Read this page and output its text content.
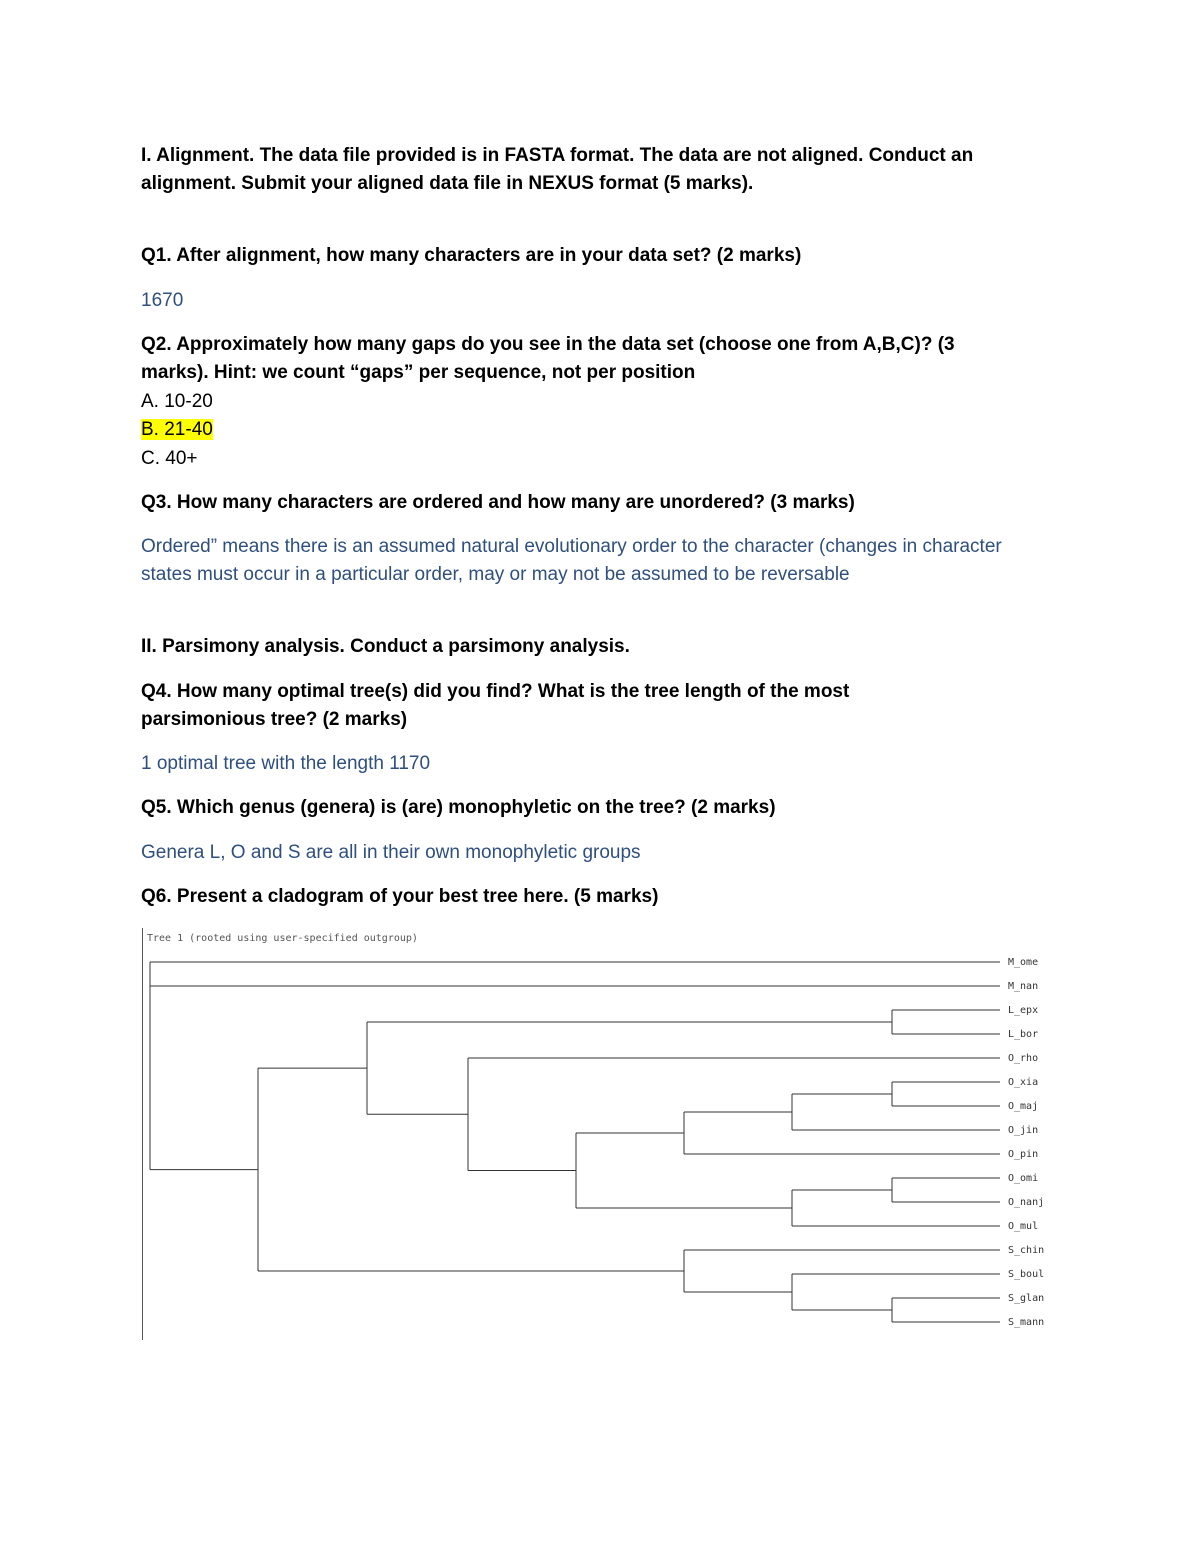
I. Alignment. The data file provided is in FASTA format. The data are not aligned. Conduct an
alignment. Submit your aligned data file in NEXUS format (5 marks).
Q1. After alignment, how many characters are in your data set? (2 marks)
1670
Q2. Approximately how many gaps do you see in the data set (choose one from A,B,C)? (3
marks). Hint: we count “gaps” per sequence, not per position
A. 10-20
B. 21-40
C. 40+
Q3. How many characters are ordered and how many are unordered? (3 marks)
Ordered” means there is an assumed natural evolutionary order to the character (changes in character
states must occur in a particular order, may or may not be assumed to be reversable
II. Parsimony analysis. Conduct a parsimony analysis.
Q4. How many optimal tree(s) did you find? What is the tree length of the most
parsimonious tree? (2 marks)
1 optimal tree with the length 1170
Q5. Which genus (genera) is (are) monophyletic on the tree? (2 marks)
Genera L, O and S are all in their own monophyletic groups
Q6. Present a cladogram of your best tree here. (5 marks)
Tree 1 (rooted using user-specified outgroup)
M_ome
M_nan
L_epx
L_bor
O_rho
O_xia
O_maj
O_jin
O_pin
O_omi
O_nanj
O_mul
S_chin
S_boul
S_glan
S_mann
